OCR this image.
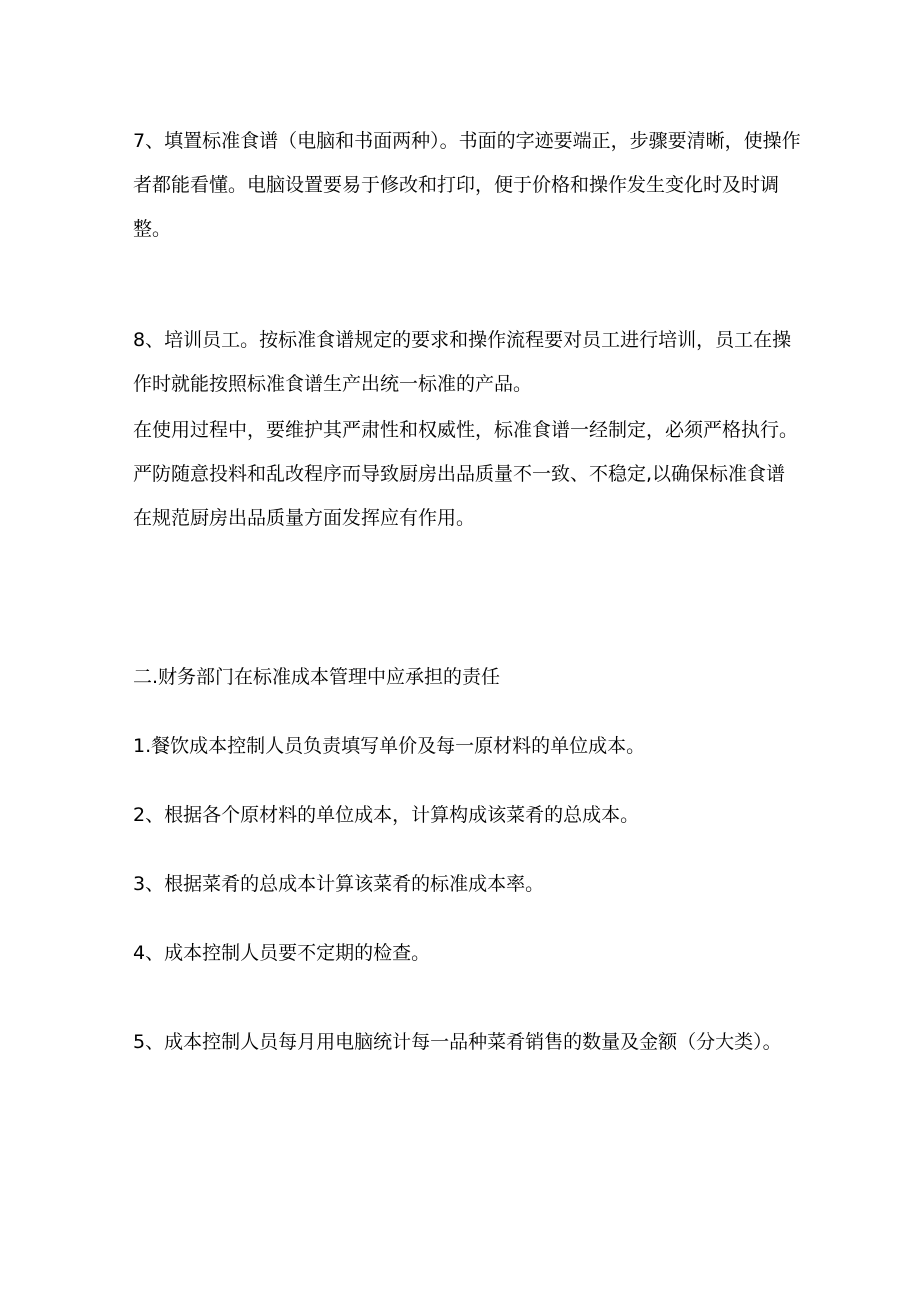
7、填置标准食谱（电脑和书面两种）。书面的字迹要端正，步骤要清晰，使操作者都能看懂。电脑设置要易于修改和打印，便于价格和操作发生变化时及时调整。

8、培训员工。按标准食谱规定的要求和操作流程要对员工进行培训，员工在操作时就能按照标准食谱生产出统一标准的产品。

在使用过程中，要维护其严肃性和权威性，标准食谱一经制定，必须严格执行。严防随意投料和乱改程序而导致厨房出品质量不一致、不稳定,以确保标准食谱在规范厨房出品质量方面发挥应有作用。

二.财务部门在标准成本管理中应承担的责任

1.餐饮成本控制人员负责填写单价及每一原材料的单位成本。

2、根据各个原材料的单位成本，计算构成该菜肴的总成本。

3、根据菜肴的总成本计算该菜肴的标准成本率。

4、成本控制人员要不定期的检查。

5、成本控制人员每月用电脑统计每一品种菜肴销售的数量及金额（分大类）。
